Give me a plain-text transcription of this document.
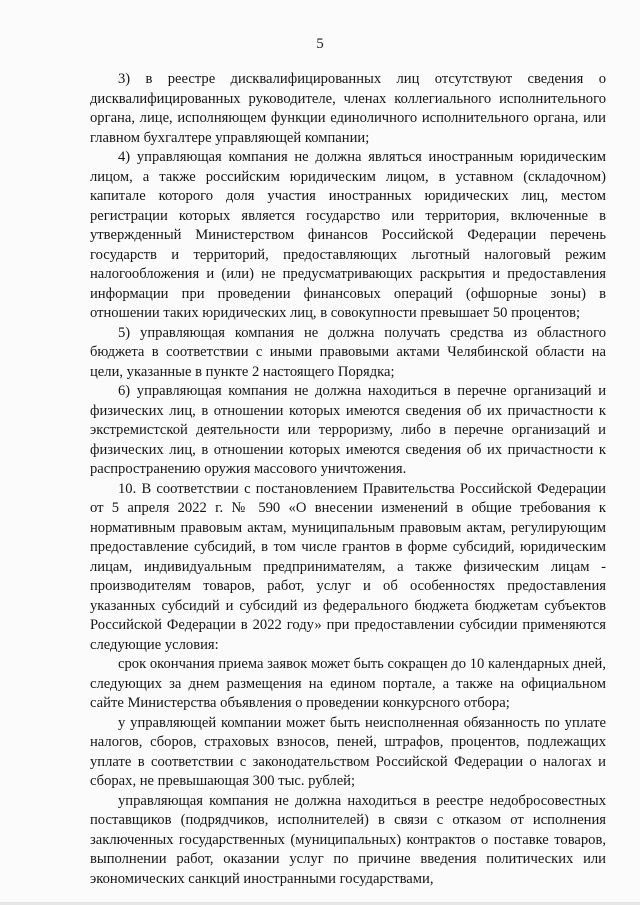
5

3) в реестре дисквалифицированных лиц отсутствуют сведения о дисквалифицированных руководителе, членах коллегиального исполнительного органа, лице, исполняющем функции единоличного исполнительного органа, или главном бухгалтере управляющей компании;

4) управляющая компания не должна являться иностранным юридическим лицом, а также российским юридическим лицом, в уставном (складочном) капитале которого доля участия иностранных юридических лиц, местом регистрации которых является государство или территория, включенные в утвержденный Министерством финансов Российской Федерации перечень государств и территорий, предоставляющих льготный налоговый режим налогообложения и (или) не предусматривающих раскрытия и предоставления информации при проведении финансовых операций (офшорные зоны) в отношении таких юридических лиц, в совокупности превышает 50 процентов;

5) управляющая компания не должна получать средства из областного бюджета в соответствии с иными правовыми актами Челябинской области на цели, указанные в пункте 2 настоящего Порядка;

6) управляющая компания не должна находиться в перечне организаций и физических лиц, в отношении которых имеются сведения об их причастности к экстремистской деятельности или терроризму, либо в перечне организаций и физических лиц, в отношении которых имеются сведения об их причастности к распространению оружия массового уничтожения.

10. В соответствии с постановлением Правительства Российской Федерации от 5 апреля 2022 г. № 590 «О внесении изменений в общие требования к нормативным правовым актам, муниципальным правовым актам, регулирующим предоставление субсидий, в том числе грантов в форме субсидий, юридическим лицам, индивидуальным предпринимателям, а также физическим лицам - производителям товаров, работ, услуг и об особенностях предоставления указанных субсидий и субсидий из федерального бюджета бюджетам субъектов Российской Федерации в 2022 году» при предоставлении субсидии применяются следующие условия:

срок окончания приема заявок может быть сокращен до 10 календарных дней, следующих за днем размещения на едином портале, а также на официальном сайте Министерства объявления о проведении конкурсного отбора;

у управляющей компании может быть неисполненная обязанность по уплате налогов, сборов, страховых взносов, пеней, штрафов, процентов, подлежащих уплате в соответствии с законодательством Российской Федерации о налогах и сборах, не превышающая 300 тыс. рублей;

управляющая компания не должна находиться в реестре недобросовестных поставщиков (подрядчиков, исполнителей) в связи с отказом от исполнения заключенных государственных (муниципальных) контрактов о поставке товаров, выполнении работ, оказании услуг по причине введения политических или экономических санкций иностранными государствами,
